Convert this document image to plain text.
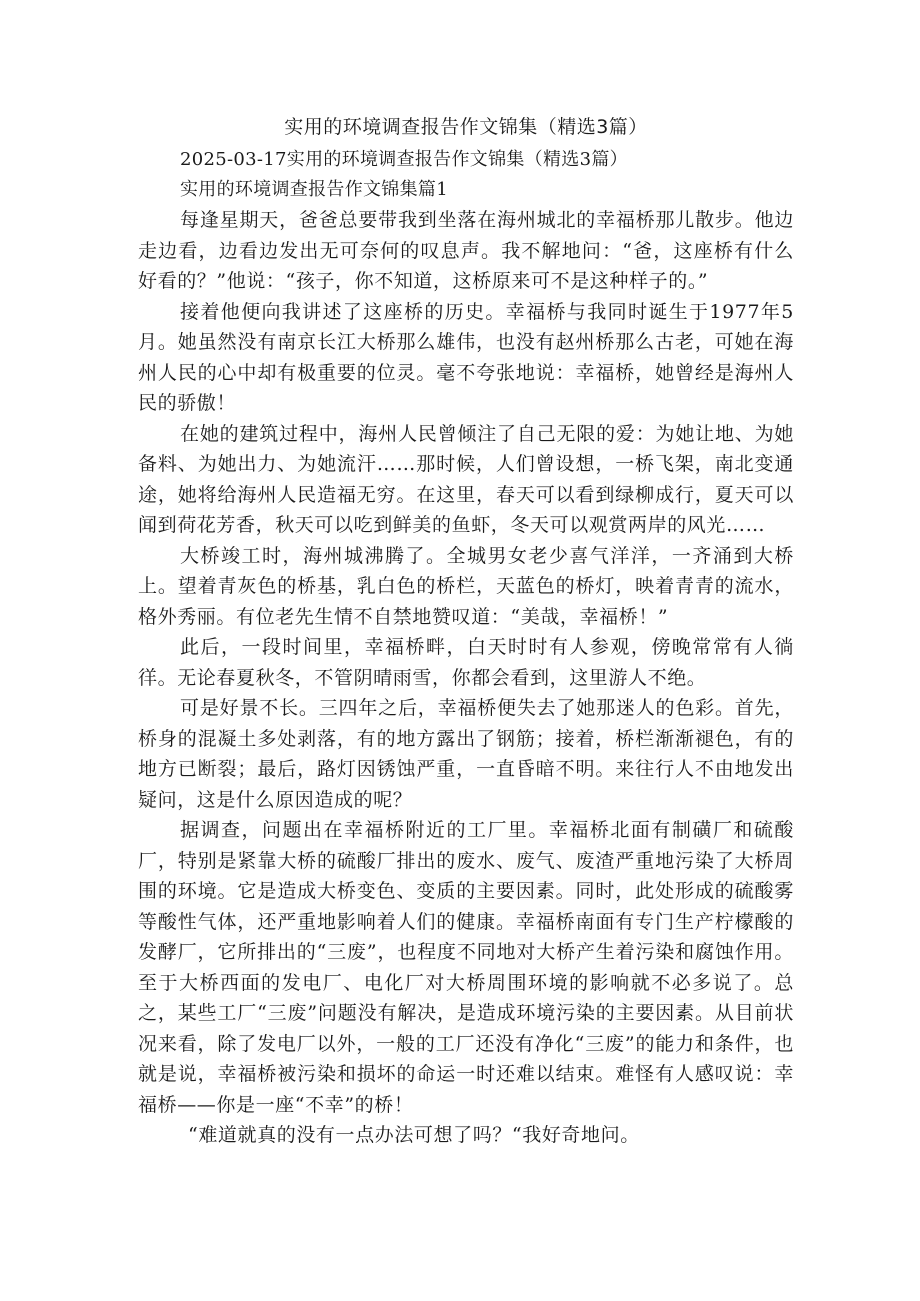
实用的环境调查报告作文锦集（精选3篇）

2025-03-17实用的环境调查报告作文锦集（精选3篇）

实用的环境调查报告作文锦集篇1

每逢星期天，爸爸总要带我到坐落在海州城北的幸福桥那儿散步。他边走边看，边看边发出无可奈何的叹息声。我不解地问：“爸，这座桥有什么好看的？”他说：“孩子，你不知道，这桥原来可不是这种样子的。”

接着他便向我讲述了这座桥的历史。幸福桥与我同时诞生于1977年5月。她虽然没有南京长江大桥那么雄伟，也没有赵州桥那么古老，可她在海州人民的心中却有极重要的位灵。毫不夸张地说：幸福桥，她曾经是海州人民的骄傲！

在她的建筑过程中，海州人民曾倾注了自己无限的爱：为她让地、为她备料、为她出力、为她流汗……那时候，人们曾设想，一桥飞架，南北变通途，她将给海州人民造福无穷。在这里，春天可以看到绿柳成行，夏天可以闻到荷花芳香，秋天可以吃到鲜美的鱼虾，冬天可以观赏两岸的风光……

大桥竣工时，海州城沸腾了。全城男女老少喜气洋洋，一齐涌到大桥上。望着青灰色的桥基，乳白色的桥栏，天蓝色的桥灯，映着青青的流水，格外秀丽。有位老先生情不自禁地赞叹道：“美哉，幸福桥！”

此后，一段时间里，幸福桥畔，白天时时有人参观，傍晚常常有人徜徉。无论春夏秋冬，不管阴晴雨雪，你都会看到，这里游人不绝。

可是好景不长。三四年之后，幸福桥便失去了她那迷人的色彩。首先，桥身的混凝土多处剥落，有的地方露出了钢筋；接着，桥栏渐渐褪色，有的地方已断裂；最后，路灯因锈蚀严重，一直昏暗不明。来往行人不由地发出疑问，这是什么原因造成的呢？

据调查，问题出在幸福桥附近的工厂里。幸福桥北面有制磺厂和硫酸厂，特别是紧靠大桥的硫酸厂排出的废水、废气、废渣严重地污染了大桥周围的环境。它是造成大桥变色、变质的主要因素。同时，此处形成的硫酸雾等酸性气体，还严重地影响着人们的健康。幸福桥南面有专门生产柠檬酸的发酵厂，它所排出的“三废”，也程度不同地对大桥产生着污染和腐蚀作用。至于大桥西面的发电厂、电化厂对大桥周围环境的影响就不必多说了。总之，某些工厂“三废”问题没有解决，是造成环境污染的主要因素。从目前状况来看，除了发电厂以外，一般的工厂还没有净化“三废”的能力和条件，也就是说，幸福桥被污染和损坏的命运一时还难以结束。难怪有人感叹说：幸福桥——你是一座“不幸”的桥！

“难道就真的没有一点办法可想了吗？“我好奇地问。
